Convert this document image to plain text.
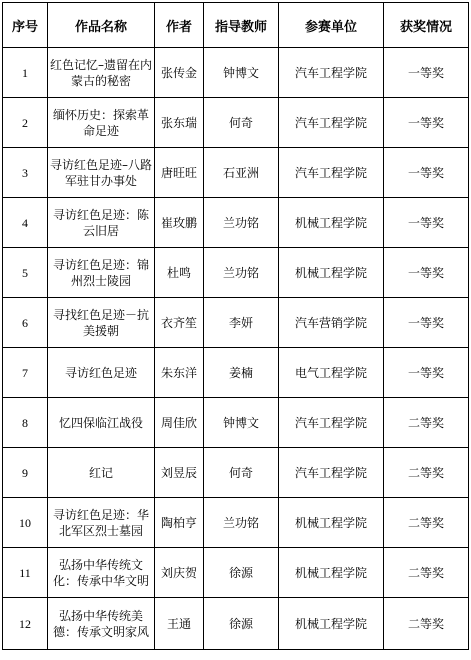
序号	作品名称	作者	指导教师	参赛单位	获奖情况
1	红色记忆–遗留在内蒙古的秘密	张传金	钟博文	汽车工程学院	一等奖
2	缅怀历史：探索革命足迹	张东瑞	何奇	汽车工程学院	一等奖
3	寻访红色足迹–八路军驻甘办事处	唐旺旺	石亚洲	汽车工程学院	一等奖
4	寻访红色足迹：陈云旧居	崔玫鹏	兰功铭	机械工程学院	一等奖
5	寻访红色足迹：锦州烈士陵园	杜鸣	兰功铭	机械工程学院	一等奖
6	寻找红色足迹－抗美援朝	衣齐笙	李妍	汽车营销学院	一等奖
7	寻访红色足迹	朱东洋	姜楠	电气工程学院	一等奖
8	忆四保临江战役	周佳欣	钟博文	汽车工程学院	二等奖
9	红记	刘昱辰	何奇	汽车工程学院	二等奖
10	寻访红色足迹：华北军区烈士墓园	陶柏亨	兰功铭	机械工程学院	二等奖
11	弘扬中华传统文化：传承中华文明	刘庆贺	徐源	机械工程学院	二等奖
12	弘扬中华传统美德：传承文明家风	王通	徐源	机械工程学院	二等奖
